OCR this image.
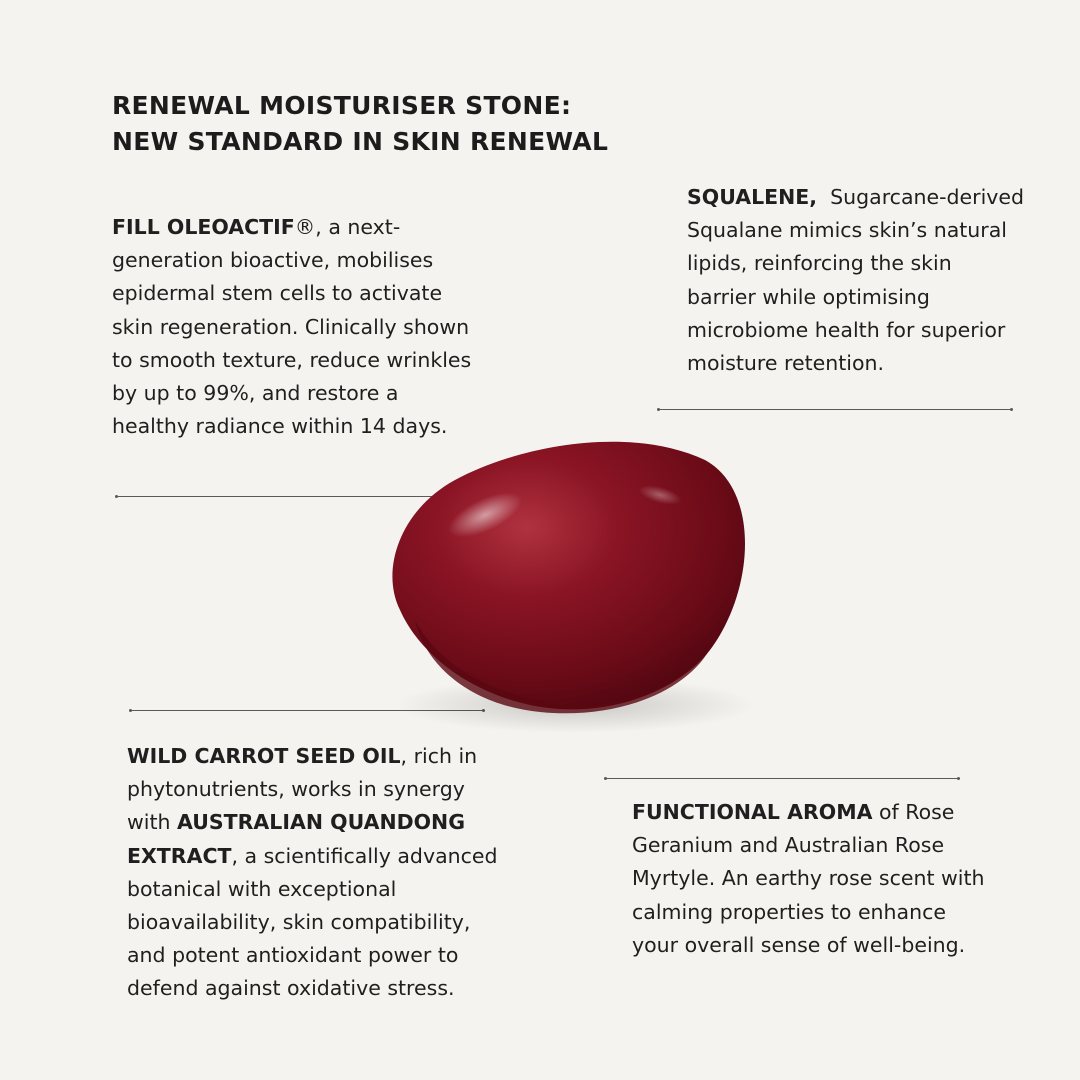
RENEWAL MOISTURISER STONE:
NEW STANDARD IN SKIN RENEWAL

FILL OLEOACTIF®, a next-generation bioactive, mobilises epidermal stem cells to activate skin regeneration. Clinically shown to smooth texture, reduce wrinkles by up to 99%, and restore a healthy radiance within 14 days.

SQUALENE,  Sugarcane-derived Squalane mimics skin’s natural lipids, reinforcing the skin barrier while optimising microbiome health for superior moisture retention.

WILD CARROT SEED OIL, rich in phytonutrients, works in synergy with AUSTRALIAN QUANDONG EXTRACT, a scientifically advanced botanical with exceptional bioavailability, skin compatibility, and potent antioxidant power to defend against oxidative stress.

FUNCTIONAL AROMA of Rose Geranium and Australian Rose Myrtyle. An earthy rose scent with calming properties to enhance your overall sense of well-being.
